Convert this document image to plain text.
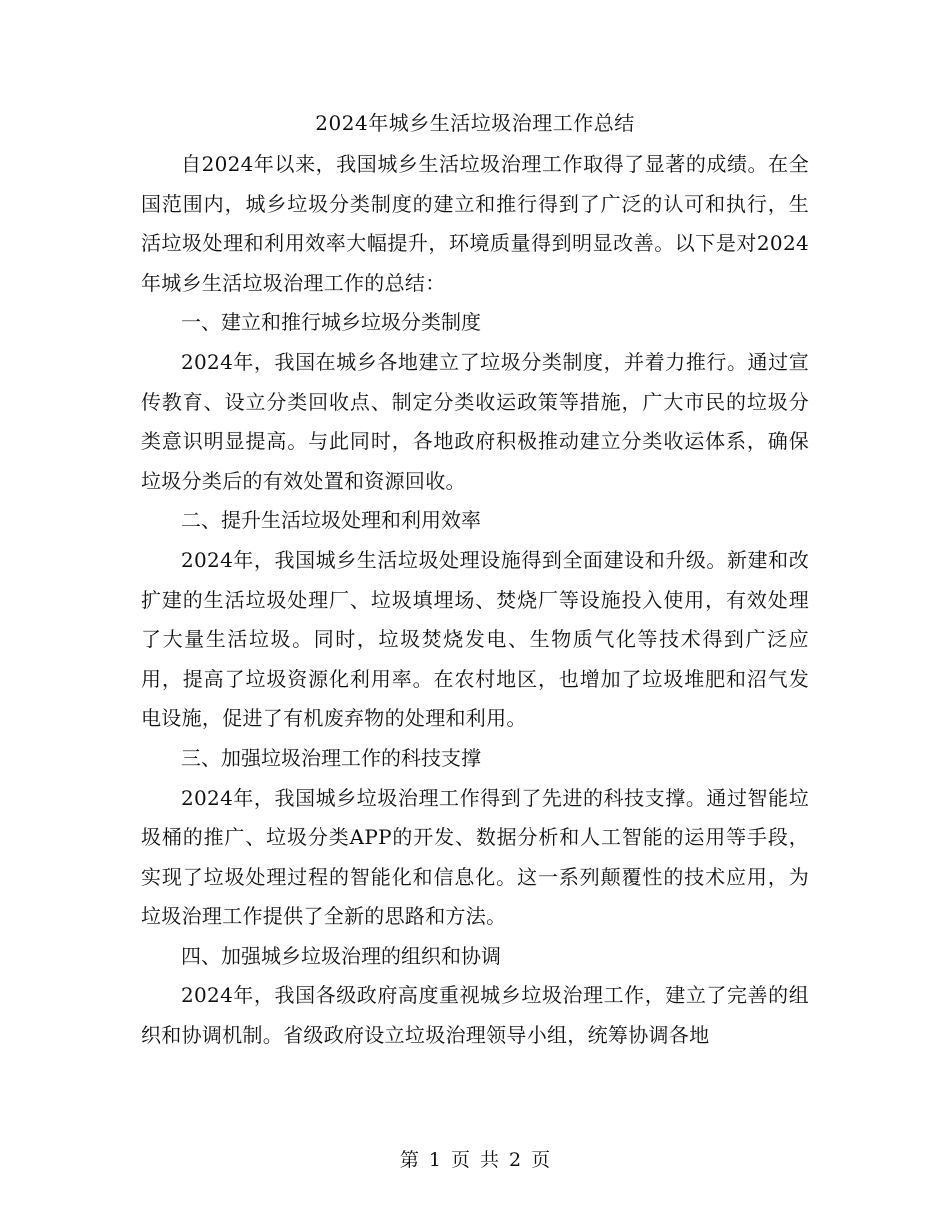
2024年城乡生活垃圾治理工作总结

自2024年以来，我国城乡生活垃圾治理工作取得了显著的成绩。在全国范围内，城乡垃圾分类制度的建立和推行得到了广泛的认可和执行，生活垃圾处理和利用效率大幅提升，环境质量得到明显改善。以下是对2024年城乡生活垃圾治理工作的总结：

一、建立和推行城乡垃圾分类制度

2024年，我国在城乡各地建立了垃圾分类制度，并着力推行。通过宣传教育、设立分类回收点、制定分类收运政策等措施，广大市民的垃圾分类意识明显提高。与此同时，各地政府积极推动建立分类收运体系，确保垃圾分类后的有效处置和资源回收。

二、提升生活垃圾处理和利用效率

2024年，我国城乡生活垃圾处理设施得到全面建设和升级。新建和改扩建的生活垃圾处理厂、垃圾填埋场、焚烧厂等设施投入使用，有效处理了大量生活垃圾。同时，垃圾焚烧发电、生物质气化等技术得到广泛应用，提高了垃圾资源化利用率。在农村地区，也增加了垃圾堆肥和沼气发电设施，促进了有机废弃物的处理和利用。

三、加强垃圾治理工作的科技支撑

2024年，我国城乡垃圾治理工作得到了先进的科技支撑。通过智能垃圾桶的推广、垃圾分类APP的开发、数据分析和人工智能的运用等手段，实现了垃圾处理过程的智能化和信息化。这一系列颠覆性的技术应用，为垃圾治理工作提供了全新的思路和方法。

四、加强城乡垃圾治理的组织和协调

2024年，我国各级政府高度重视城乡垃圾治理工作，建立了完善的组织和协调机制。省级政府设立垃圾治理领导小组，统筹协调各地

第 1 页 共 2 页
